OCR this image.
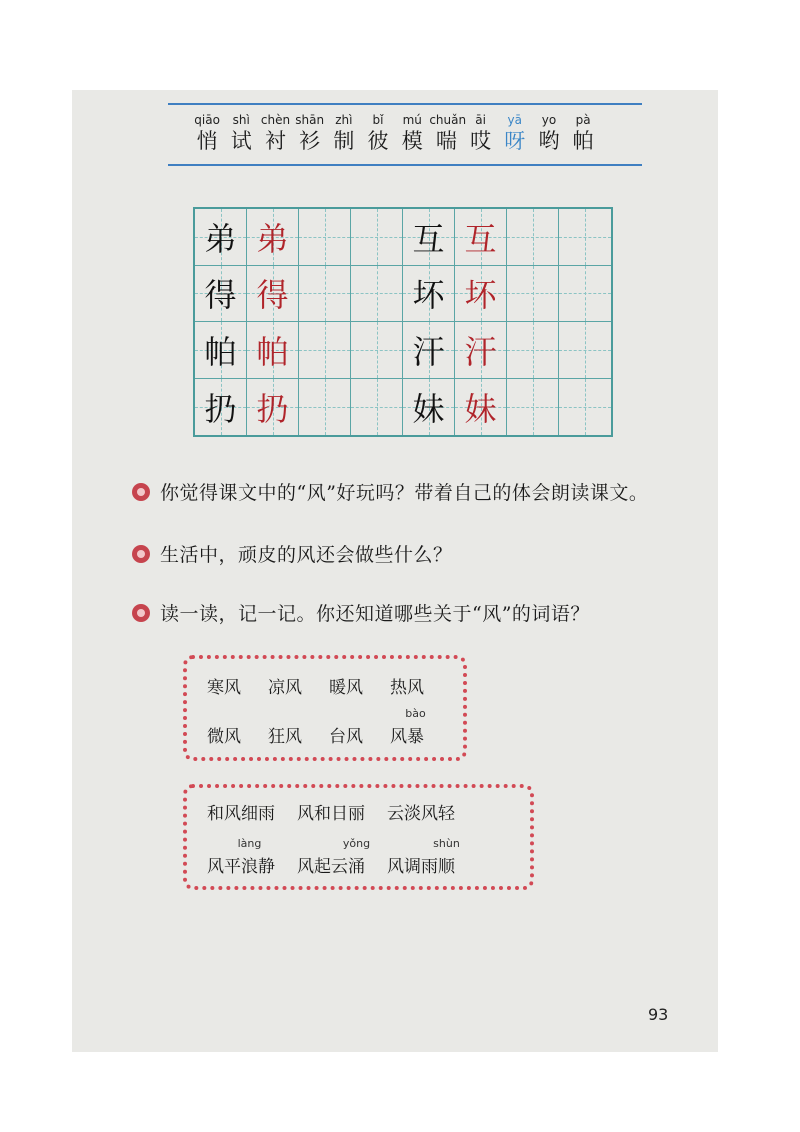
qiāo
悄
shì
试
chèn
衬
shān
衫
zhì
制
bǐ
彼
mú
模
chuǎn
喘
āi
哎
yā
呀
yo
哟
pà
帕
弟 弟	互 互
得 得	坏 坏
帕 帕	汗 汗
扔 扔	妹 妹
你觉得课文中的“风”好玩吗？带着自己的体会朗读课文。
生活中，顽皮的风还会做些什么？
读一读，记一记。你还知道哪些关于“风”的词语？
寒风 凉风 暖风 热风
微风 狂风 台风 风
bào
暴
和风细雨 风和日丽 云淡风轻
风平
làng
浪静 风起云
yǒng
涌 风调雨
shùn
顺
93
